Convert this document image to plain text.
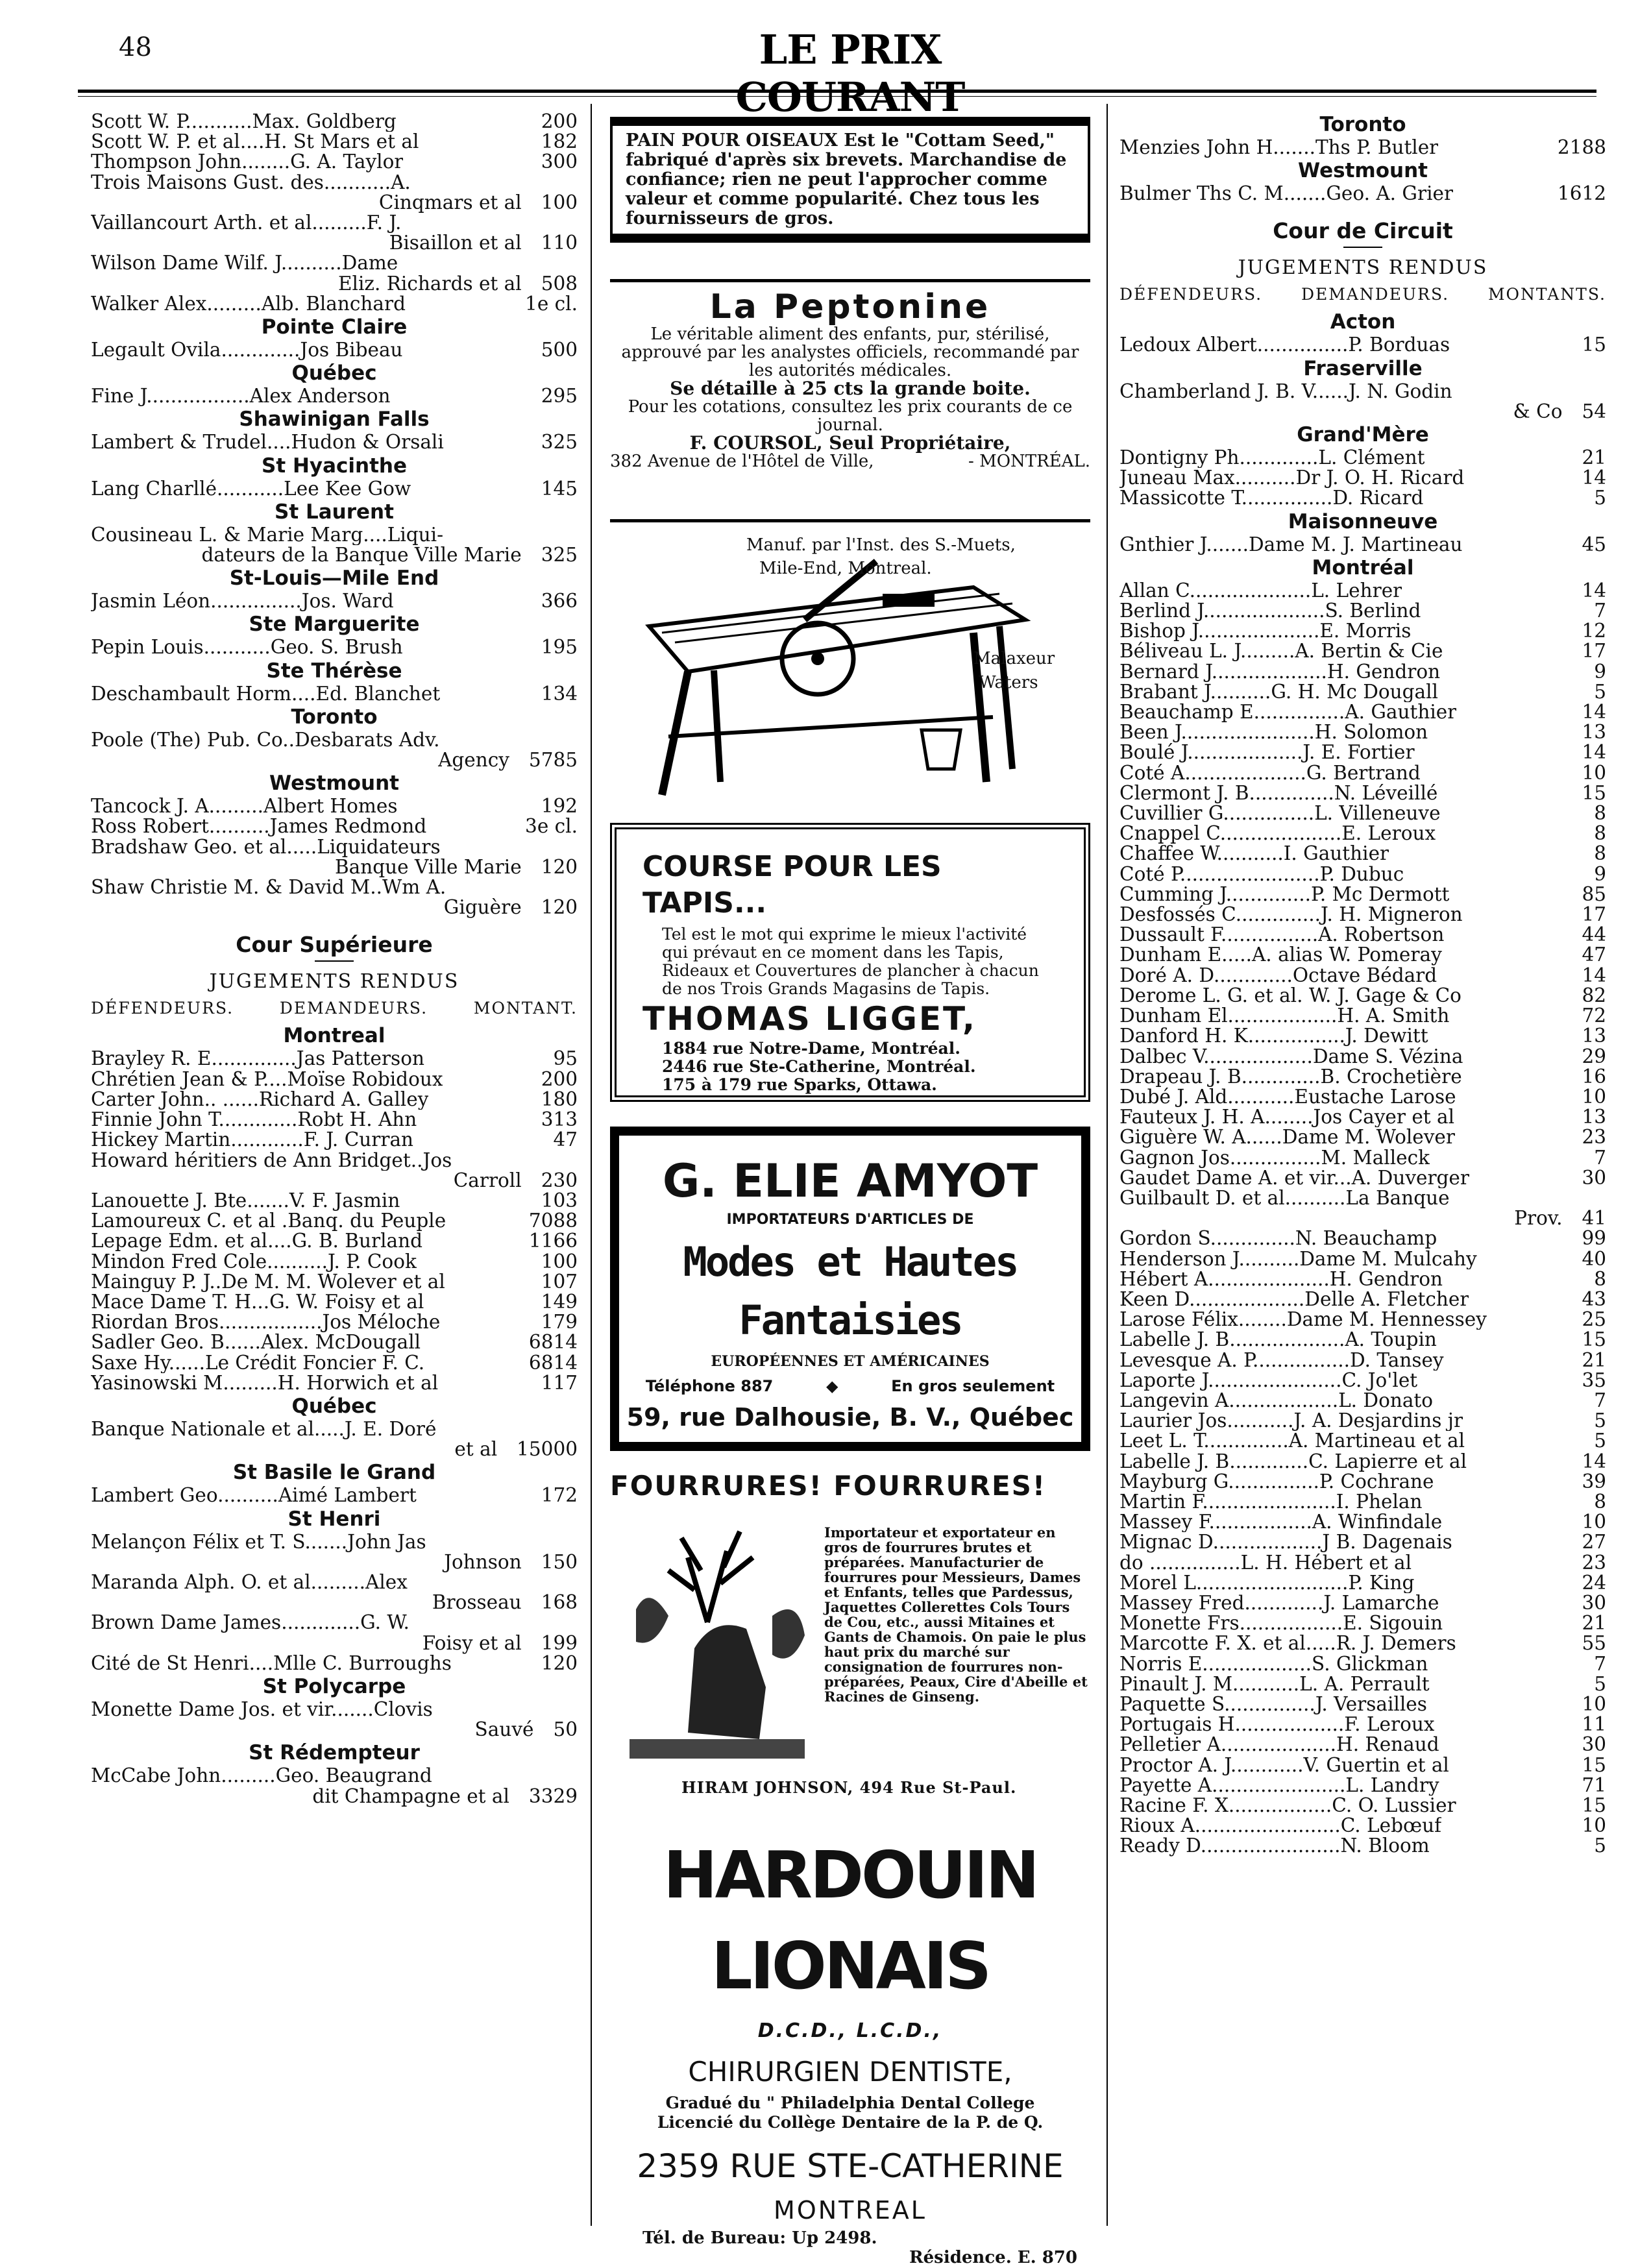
48	LE PRIX COURANT
Scott W. P...........Max. Goldberg	200
Scott W. P. et al....H. St Mars et al	182
Thompson John........G. A. Taylor	300
Trois Maisons Gust. des...........A.
Cinqmars et al	100
Vaillancourt Arth. et al.........F. J.
Bisaillon et al	110
Wilson Dame Wilf. J..........Dame
Eliz. Richards et al	508
Walker Alex.........Alb. Blanchard	1e cl.
Pointe Claire
Legault Ovila.............Jos Bibeau	500
Québec
Fine J.................Alex Anderson	295
Shawinigan Falls
Lambert & Trudel....Hudon & Orsali	325
St Hyacinthe
Lang Charllé...........Lee Kee Gow	145
St Laurent
Cousineau L. & Marie Marg....Liqui-
dateurs de la Banque Ville Marie	325
St-Louis—Mile End
Jasmin Léon...............Jos. Ward	366
Ste Marguerite
Pepin Louis...........Geo. S. Brush	195
Ste Thérèse
Deschambault Horm....Ed. Blanchet	134
Toronto
Poole (The) Pub. Co..Desbarats Adv.
Agency	5785
Westmount
Tancock J. A.........Albert Homes	192
Ross Robert..........James Redmond	3e cl.
Bradshaw Geo. et al.....Liquidateurs
Banque Ville Marie	120
Shaw Christie M. & David M..Wm A.
Giguère	120
Cour Supérieure
JUGEMENTS RENDUS
DÉFENDEURS.	DEMANDEURS.	MONTANT.
Montreal
Brayley R. E..............Jas Patterson	95
Chrétien Jean & P....Moïse Robidoux	200
Carter John.. ......Richard A. Galley	180
Finnie John T.............Robt H. Ahn	313
Hickey Martin............F. J. Curran	47
Howard héritiers de Ann Bridget..Jos
Carroll	230
Lanouette J. Bte.......V. F. Jasmin	103
Lamoureux C. et al .Banq. du Peuple	7088
Lepage Edm. et al....G. B. Burland	1166
Mindon Fred Cole..........J. P. Cook	100
Mainguy P. J..De M. M. Wolever et al	107
Mace Dame T. H...G. W. Foisy et al	149
Riordan Bros.................Jos Méloche	179
Sadler Geo. B......Alex. McDougall	6814
Saxe Hy......Le Crédit Foncier F. C.	6814
Yasinowski M.........H. Horwich et al	117
Québec
Banque Nationale et al.....J. E. Doré
et al	15000
St Basile le Grand
Lambert Geo..........Aimé Lambert	172
St Henri
Melançon Félix et T. S.......John Jas
Johnson	150
Maranda Alph. O. et al.........Alex
Brosseau	168
Brown Dame James.............G. W.
Foisy et al	199
Cité de St Henri....Mlle C. Burroughs	120
St Polycarpe
Monette Dame Jos. et vir.......Clovis
Sauvé	50
St Rédempteur
McCabe John.........Geo. Beaugrand
dit Champagne et al	3329
Toronto
Menzies John H.......Ths P. Butler	2188
Westmount
Bulmer Ths C. M.......Geo. A. Grier	1612
Cour de Circuit
JUGEMENTS RENDUS
DÉFENDEURS. DEMANDEURS. MONTANTS.
Acton
Ledoux Albert...............P. Borduas	15
Fraserville
Chamberland J. B. V......J. N. Godin
& Co	54
Grand'Mère
Dontigny Ph.............L. Clément	21
Juneau Max..........Dr J. O. H. Ricard	14
Massicotte T...............D. Ricard	5
Maisonneuve
Gnthier J.......Dame M. J. Martineau	45
Montréal
Allan C....................L. Lehrer	14
Berlind J....................S. Berlind	7
Bishop J....................E. Morris	12
Béliveau L. J.........A. Bertin & Cie	17
Bernard J...................H. Gendron	9
Brabant J..........G. H. Mc Dougall	5
Beauchamp E...............A. Gauthier	14
Been J......................H. Solomon	13
Boulé J...................J. E. Fortier	14
Coté A....................G. Bertrand	10
Clermont J. B..............N. Léveillé	15
Cuvillier G...............L. Villeneuve	8
Cnappel C....................E. Leroux	8
Chaffee W...........I. Gauthier	8
Coté P.......................P. Dubuc	9
Cumming J..............P. Mc Dermott	85
Desfossés C..............J. H. Migneron	17
Dussault F................A. Robertson	44
Dunham E.....A. alias W. Pomeray	47
Doré A. D.............Octave Bédard	14
Derome L. G. et al. W. J. Gage & Co	82
Dunham El..................H. A. Smith	72
Danford H. K................J. Dewitt	13
Dalbec V..................Dame S. Vézina	29
Drapeau J. B.............B. Crochetière	16
Dubé J. Ald...........Eustache Larose	10
Fauteux J. H. A........Jos Cayer et al	13
Giguère W. A......Dame M. Wolever	23
Gagnon Jos...............M. Malleck	7
Gaudet Dame A. et vir...A. Duverger	30
Guilbault D. et al..........La Banque
Prov.	41
Gordon S..............N. Beauchamp	99
Henderson J..........Dame M. Mulcahy	40
Hébert A....................H. Gendron	8
Keen D...................Delle A. Fletcher	43
Larose Félix........Dame M. Hennessey	25
Labelle J. B...................A. Toupin	15
Levesque A. P................D. Tansey	21
Laporte J......................C. Jo'let	35
Langevin A..................L. Donato	7
Laurier Jos...........J. A. Desjardins jr	5
Leet L. T..............A. Martineau et al	5
Labelle J. B.............C. Lapierre et al	14
Mayburg G...............P. Cochrane	39
Martin F......................I. Phelan	8
Massey F.................A. Winfindale	10
Mignac D..................J B. Dagenais	27
do ...............L. H. Hébert et al	23
Morel L.........................P. King	24
Massey Fred.............J. Lamarche	30
Monette Frs.................E. Sigouin	21
Marcotte F. X. et al.....R. J. Demers	55
Norris E..................S. Glickman	7
Pinault J. M...........L. A. Perrault	5
Paquette S...............J. Versailles	10
Portugais H..................F. Leroux	11
Pelletier A...................H. Renaud	30
Proctor A. J............V. Guertin et al	15
Payette A......................L. Landry	71
Racine F. X.................C. O. Lussier	15
Rioux A........................C. Lebœuf	10
Ready D.......................N. Bloom	5
PAIN POUR OISEAUX Est le "Cottam Seed," fabriqué d'après six brevets. Marchandise de confiance; rien ne peut l'approcher comme valeur et comme popularité. Chez tous les fournisseurs de gros.
La Peptonine
Le véritable aliment des enfants, pur, stérilisé, approuvé par les analystes officiels, recommandé par les autorités médicales.
Se détaille à 25 cts la grande boite.
Pour les cotations, consultez les prix courants de ce journal.
F. COURSOL, Seul Propriétaire,
382 Avenue de l'Hôtel de Ville,	- MONTRÉAL.
Manuf. par l'Inst. des S.-Muets,
Mile-End, Montreal.
Malaxeur
Waters
COURSE POUR LES TAPIS...
Tel est le mot qui exprime le mieux l'activité qui prévaut en ce moment dans les Tapis, Rideaux et Couvertures de plancher à chacun de nos Trois Grands Magasins de Tapis.
THOMAS LIGGET,
1884 rue Notre-Dame, Montréal.
2446 rue Ste-Catherine, Montréal.
175 à 179 rue Sparks, Ottawa.
G. ELIE AMYOT
IMPORTATEURS D'ARTICLES DE
Modes et Hautes Fantaisies
EUROPÉENNES ET AMÉRICAINES
Téléphone 887	◆	En gros seulement
59, rue Dalhousie, B. V., Québec
FOURRURES! FOURRURES!
Importateur et exportateur en gros de fourrures brutes et préparées. Manufacturier de fourrures pour Messieurs, Dames et Enfants, telles que Pardessus, Jaquettes Collerettes Cols Tours de Cou, etc., aussi Mitaines et Gants de Chamois. On paie le plus haut prix du marché sur consignation de fourrures non-préparées, Peaux, Cire d'Abeille et Racines de Ginseng.
HIRAM JOHNSON, 494 Rue St-Paul.
HARDOUIN LIONAIS
D.C.D., L.C.D.,
CHIRURGIEN DENTISTE,
Gradué du " Philadelphia Dental College
Licencié du Collège Dentaire de la P. de Q.
2359 RUE STE-CATHERINE
MONTREAL
Tél. de Bureau: Up 2498.
Résidence. E. 870
